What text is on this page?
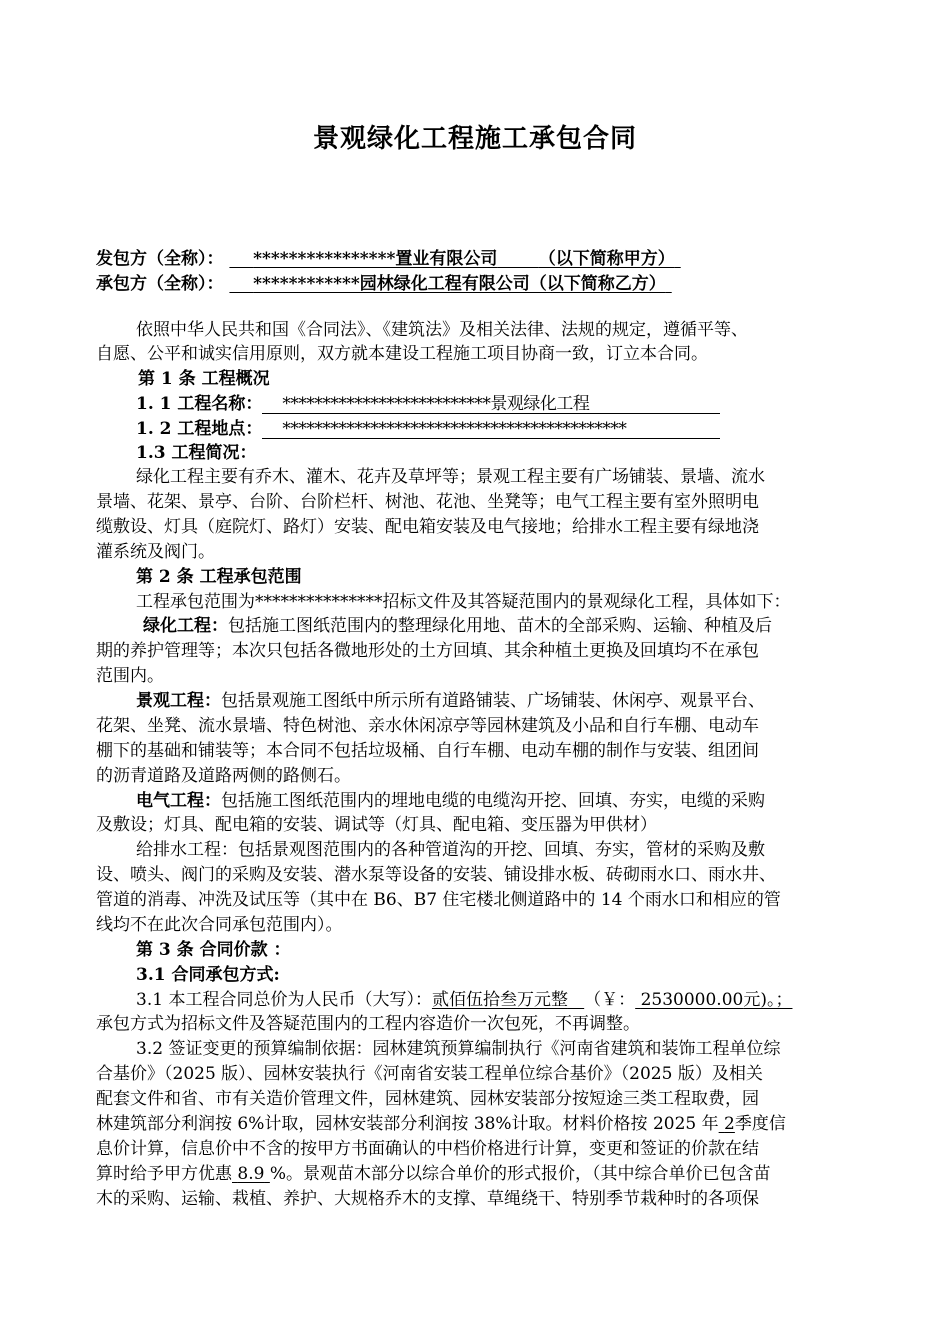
景观绿化工程施工承包合同
发包方（全称）： ****************置业有限公司 （以下简称甲方）
承包方（全称）： ************园林绿化工程有限公司（以下简称乙方）
依照中华人民共和国《合同法》、《建筑法》及相关法律、法规的规定，遵循平等、
自愿、公平和诚实信用原则，双方就本建设工程施工项目协商一致，订立本合同。
第 1 条 工程概况
1. 1 工程名称： **************************景观绿化工程
1. 2 工程地点： *******************************************
1.3 工程简况：
绿化工程主要有乔木、灌木、花卉及草坪等；景观工程主要有广场铺装、景墙、流水
景墙、花架、景亭、台阶、台阶栏杆、树池、花池、坐凳等；电气工程主要有室外照明电
缆敷设、灯具（庭院灯、路灯）安装、配电箱安装及电气接地；给排水工程主要有绿地浇
灌系统及阀门。
第 2 条 工程承包范围
工程承包范围为***************招标文件及其答疑范围内的景观绿化工程，具体如下：
绿化工程：包括施工图纸范围内的整理绿化用地、苗木的全部采购、运输、种植及后
期的养护管理等；本次只包括各微地形处的土方回填、其余种植土更换及回填均不在承包
范围内。
景观工程：包括景观施工图纸中所示所有道路铺装、广场铺装、休闲亭、观景平台、
花架、坐凳、流水景墙、特色树池、亲水休闲凉亭等园林建筑及小品和自行车棚、电动车
棚下的基础和铺装等；本合同不包括垃圾桶、自行车棚、电动车棚的制作与安装、组团间
的沥青道路及道路两侧的路侧石。
电气工程：包括施工图纸范围内的埋地电缆的电缆沟开挖、回填、夯实，电缆的采购
及敷设；灯具、配电箱的安装、调试等（灯具、配电箱、变压器为甲供材）
给排水工程：包括景观图范围内的各种管道沟的开挖、回填、夯实，管材的采购及敷
设、喷头、阀门的采购及安装、潜水泵等设备的安装、铺设排水板、砖砌雨水口、雨水井、
管道的消毒、冲洗及试压等（其中在 B6、B7 住宅楼北侧道路中的 14 个雨水口和相应的管
线均不在此次合同承包范围内）。
第 3 条 合同价款 ：
3.1 合同承包方式:
3.1 本工程合同总价为人民币（大写）：贰佰伍拾叁万元整 （￥： 2530000.00元)。；
承包方式为招标文件及答疑范围内的工程内容造价一次包死，不再调整。
3.2 签证变更的预算编制依据：园林建筑预算编制执行《河南省建筑和装饰工程单位综
合基价》（2025 版）、园林安装执行《河南省安装工程单位综合基价》（2025 版）及相关
配套文件和省、市有关造价管理文件，园林建筑、园林安装部分按短途三类工程取费，园
林建筑部分利润按 6%计取，园林安装部分利润按 38%计取。材料价格按 2025 年 2季度信
息价计算，信息价中不含的按甲方书面确认的中档价格进行计算，变更和签证的价款在结
算时给予甲方优惠 8.9 %。景观苗木部分以综合单价的形式报价，（其中综合单价已包含苗
木的采购、运输、栽植、养护、大规格乔木的支撑、草绳绕干、特别季节栽种时的各项保
